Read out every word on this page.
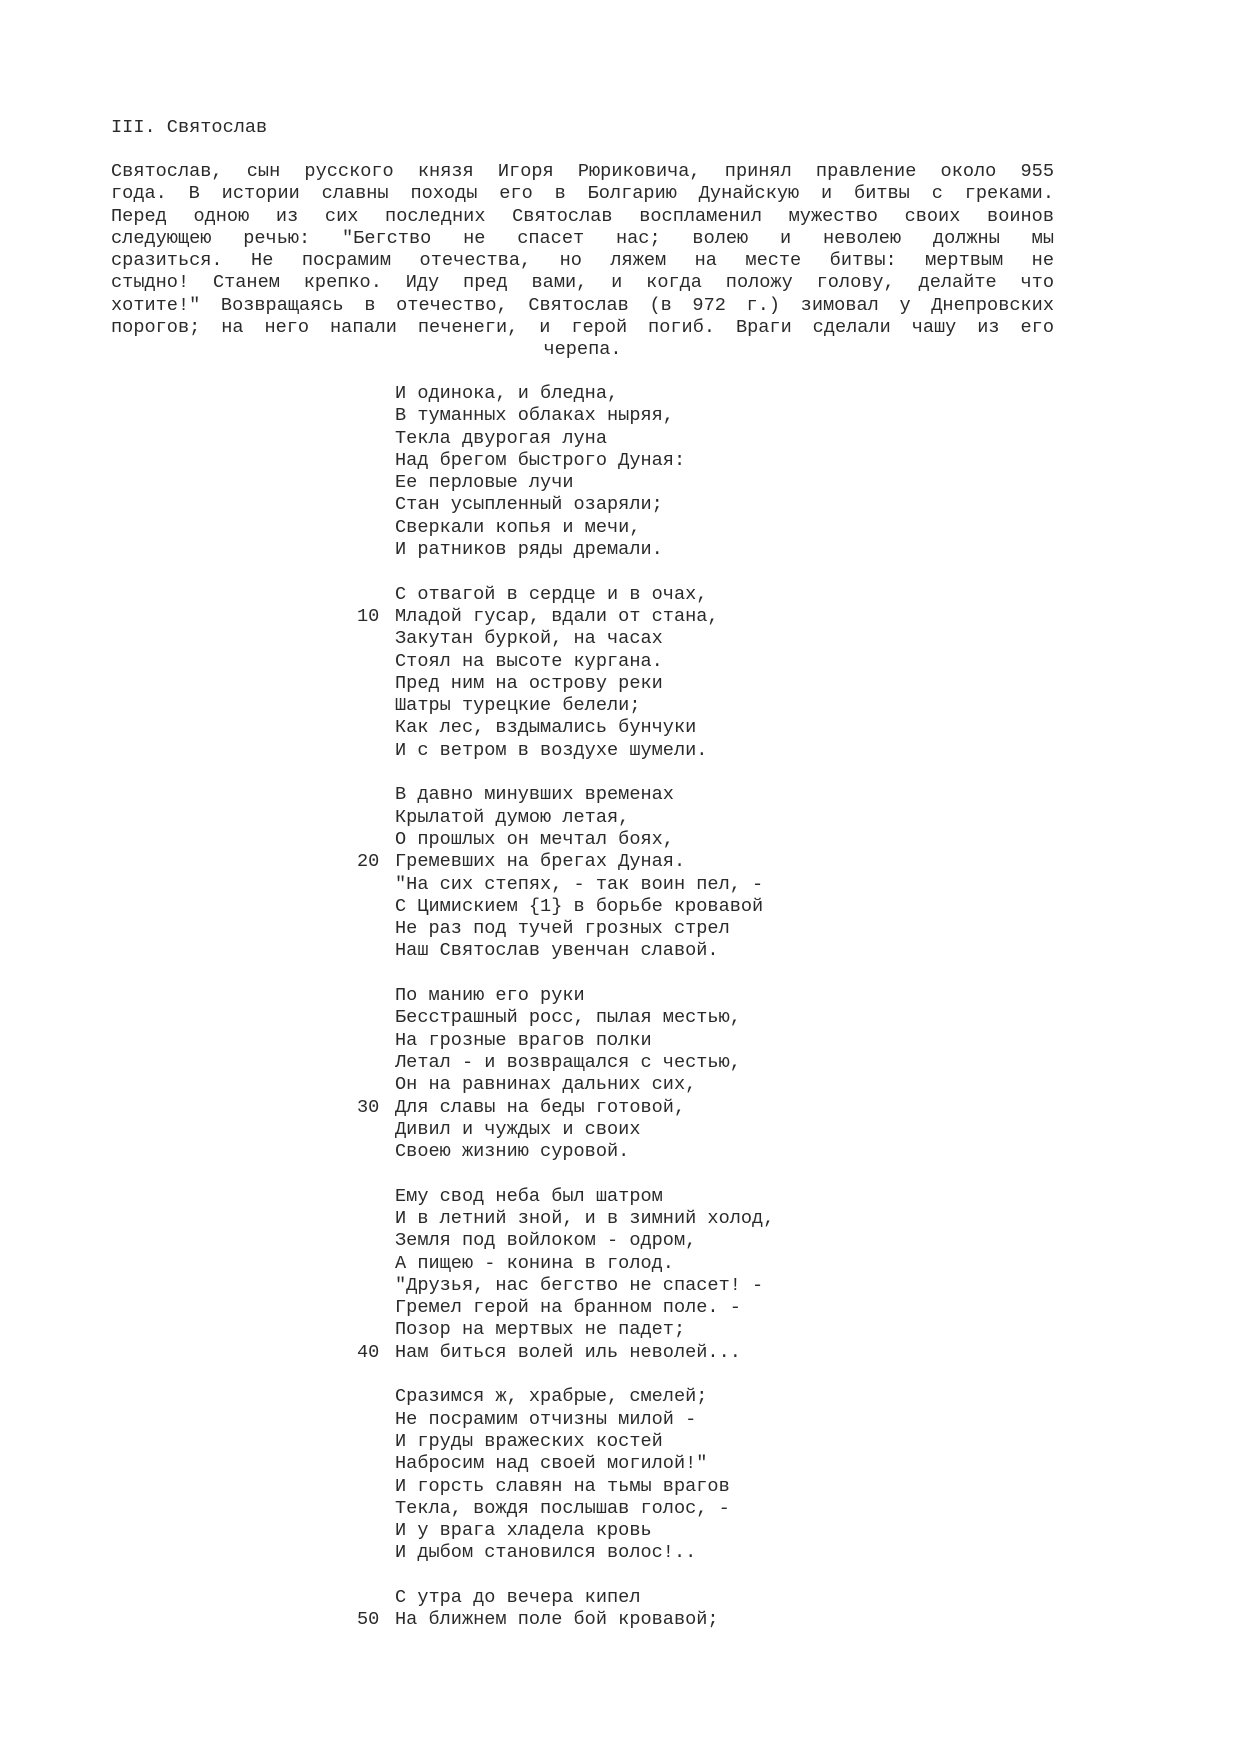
III. Святослав
Святослав, сын русского князя Игоря Рюриковича, принял правление около 955
года. В истории славны походы его в Болгарию Дунайскую и битвы с греками.
Перед одною из сих последних Святослав воспламенил мужество своих воинов
следующею речью: "Бегство не спасет нас; волею и неволею должны мы
сразиться. Не посрамим отечества, но ляжем на месте битвы: мертвым не
стыдно! Станем крепко. Иду пред вами, и когда положу голову, делайте что
хотите!" Возвращаясь в отечество, Святослав (в 972 г.) зимовал у Днепровских
порогов; на него напали печенеги, и герой погиб. Враги сделали чашу из его
черепа.
И одинока, и бледна,
В туманных облаках ныряя,
Текла двурогая луна
Над брегом быстрого Дуная:
Ее перловые лучи
Стан усыпленный озаряли;
Сверкали копья и мечи,
И ратников ряды дремали.
С отвагой в сердце и в очах,
10 Младой гусар, вдали от стана,
Закутан буркой, на часах
Стоял на высоте кургана.
Пред ним на острову реки
Шатры турецкие белели;
Как лес, вздымались бунчуки
И с ветром в воздухе шумели.
В давно минувших временах
Крылатой думою летая,
О прошлых он мечтал боях,
20 Гремевших на брегах Дуная.
"На сих степях, - так воин пел, -
С Цимискием {1} в борьбе кровавой
Не раз под тучей грозных стрел
Наш Святослав увенчан славой.
По манию его руки
Бесстрашный росс, пылая местью,
На грозные врагов полки
Летал - и возвращался с честью,
Он на равнинах дальних сих,
30 Для славы на беды готовой,
Дивил и чуждых и своих
Своею жизнию суровой.
Ему свод неба был шатром
И в летний зной, и в зимний холод,
Земля под войлоком - одром,
А пищею - конина в голод.
"Друзья, нас бегство не спасет! -
Гремел герой на бранном поле. -
Позор на мертвых не падет;
40 Нам биться волей иль неволей...
Сразимся ж, храбрые, смелей;
Не посрамим отчизны милой -
И груды вражеских костей
Набросим над своей могилой!"
И горсть славян на тьмы врагов
Текла, вождя послышав голос, -
И у врага хладела кровь
И дыбом становился волос!..
С утра до вечера кипел
50 На ближнем поле бой кровавой;
